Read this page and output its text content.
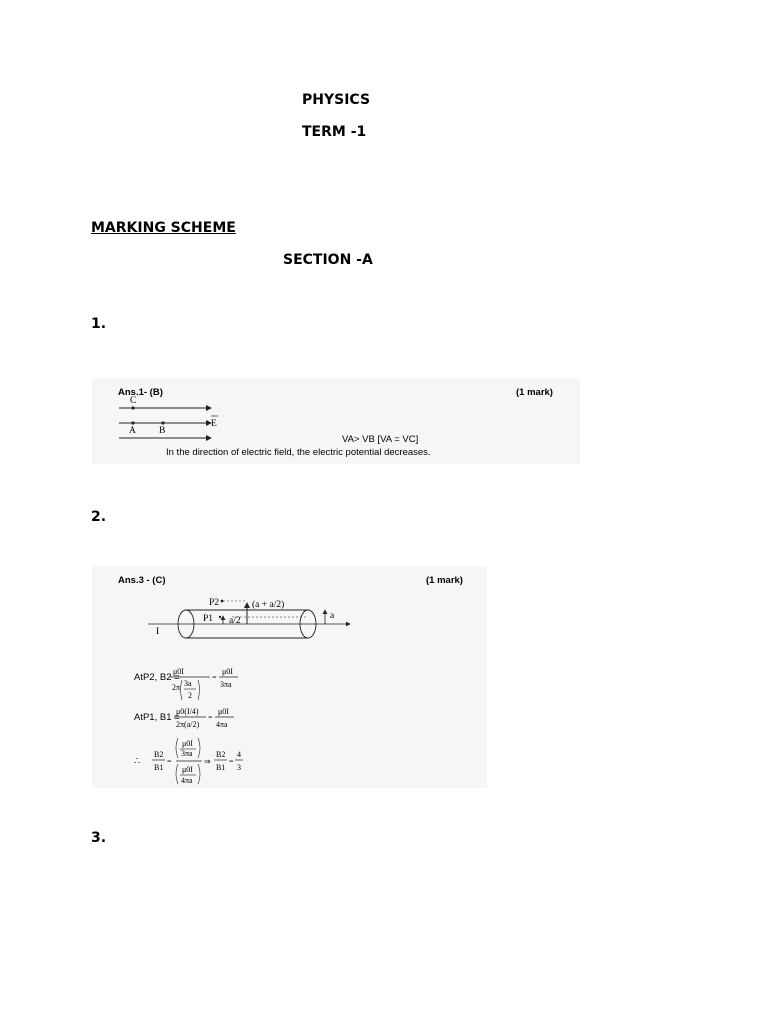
PHYSICS
TERM -1
MARKING SCHEME
SECTION -A
1.
2.
3.
Ans.1- (B)	(1 mark)
C
A B
E
VA> VB [VA = VC]
In the direction of electric field, the electric potential decreases.
Ans.3 - (C)	(1 mark)
I
P2	(a + a/2)
P1 a/2	a
AtP2, B2 =
μ0I
2π 3a
2
=
μ0I
3πa
AtP1, B1 =
μ0(I/4)
2π(a/2)
=
μ0I
4πa
∴
B2
B1
=
μ0I
3πa
μ0I
4πa
⇒
B2
B1
=
4
3
